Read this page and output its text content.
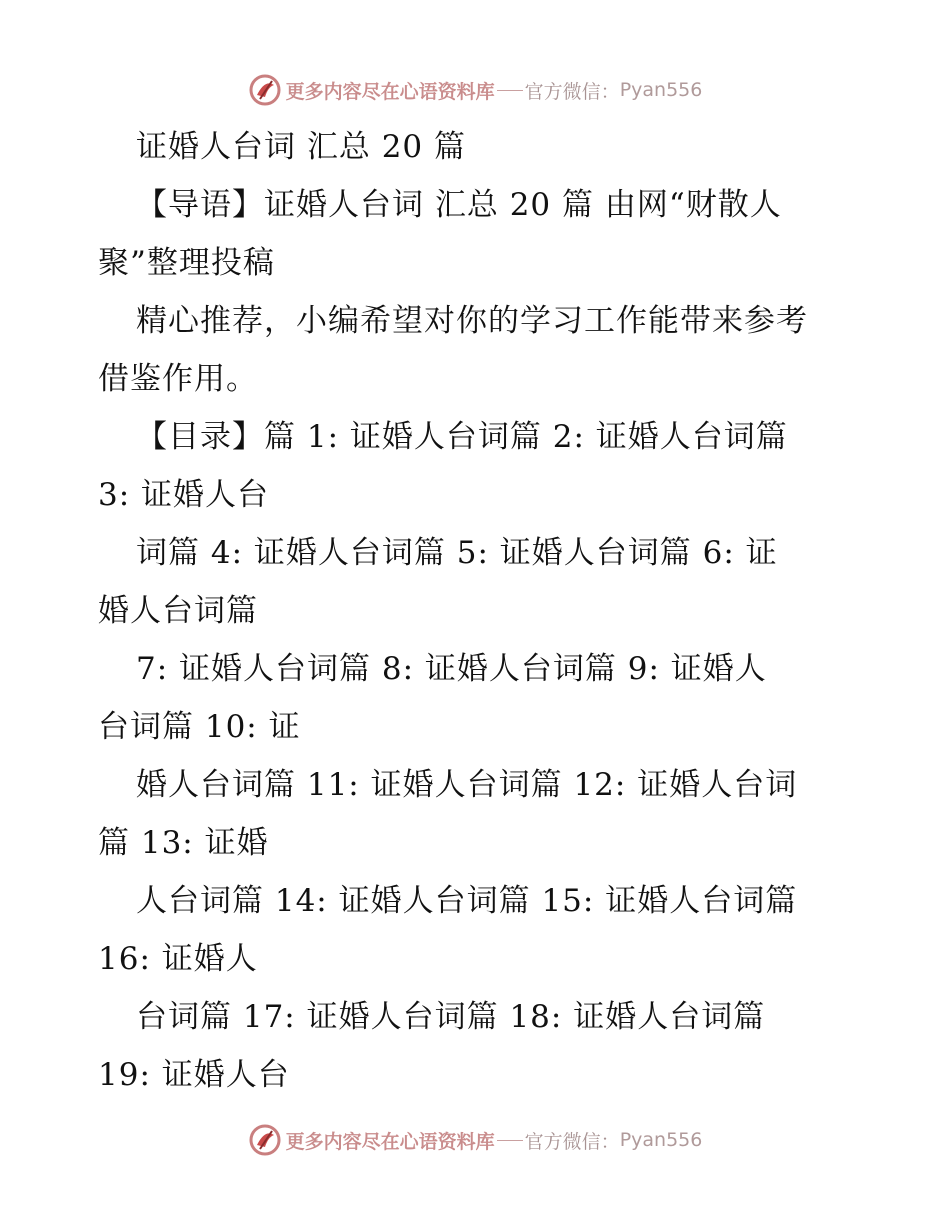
更多内容尽在心语资料库 官方微信： Pyan556
证婚人台词 汇总 20 篇
【导语】证婚人台词 汇总 20 篇 由网“财散人
聚”整理投稿
精心推荐，小编希望对你的学习工作能带来参考
借鉴作用。
【目录】篇 1: 证婚人台词篇 2: 证婚人台词篇
3: 证婚人台
词篇 4: 证婚人台词篇 5: 证婚人台词篇 6: 证
婚人台词篇
7: 证婚人台词篇 8: 证婚人台词篇 9: 证婚人
台词篇 10: 证
婚人台词篇 11: 证婚人台词篇 12: 证婚人台词
篇 13: 证婚
人台词篇 14: 证婚人台词篇 15: 证婚人台词篇
16: 证婚人
台词篇 17: 证婚人台词篇 18: 证婚人台词篇
19: 证婚人台
更多内容尽在心语资料库 官方微信： Pyan556
